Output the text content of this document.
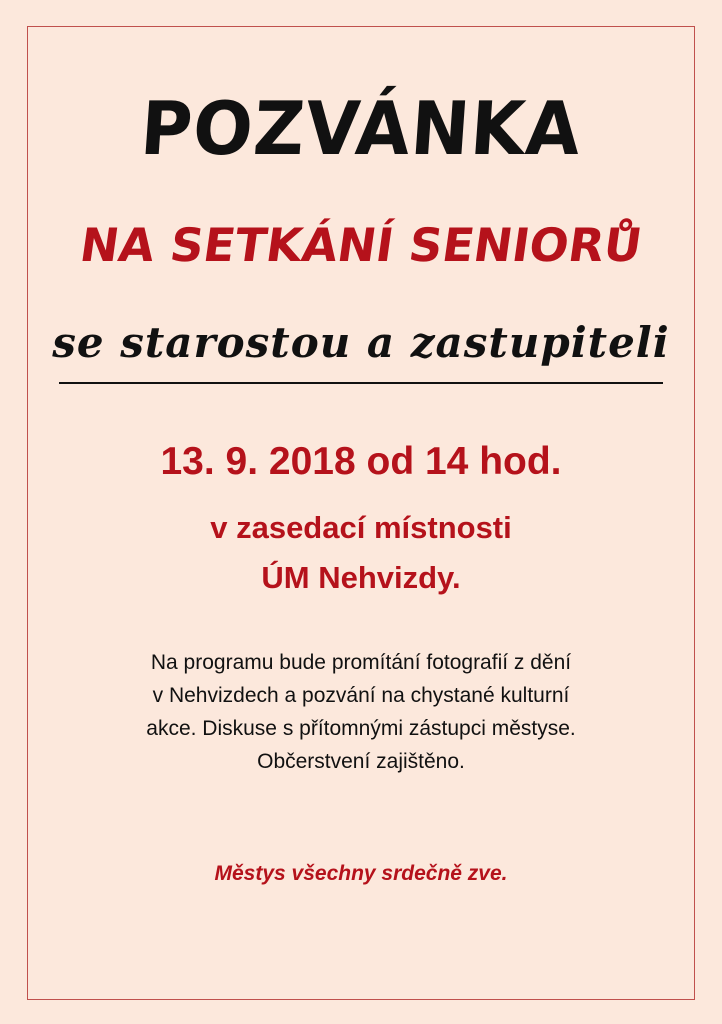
POZVÁNKA
NA SETKÁNÍ SENIORŮ
se starostou a zastupiteli
13. 9. 2018 od 14 hod.
v zasedací místnosti
ÚM Nehvizdy.
Na programu bude promítání fotografií z dění
v Nehvizdech a pozvání na chystané kulturní
akce. Diskuse s přítomnými zástupci městyse.
Občerstvení zajištěno.
Městys všechny srdečně zve.
